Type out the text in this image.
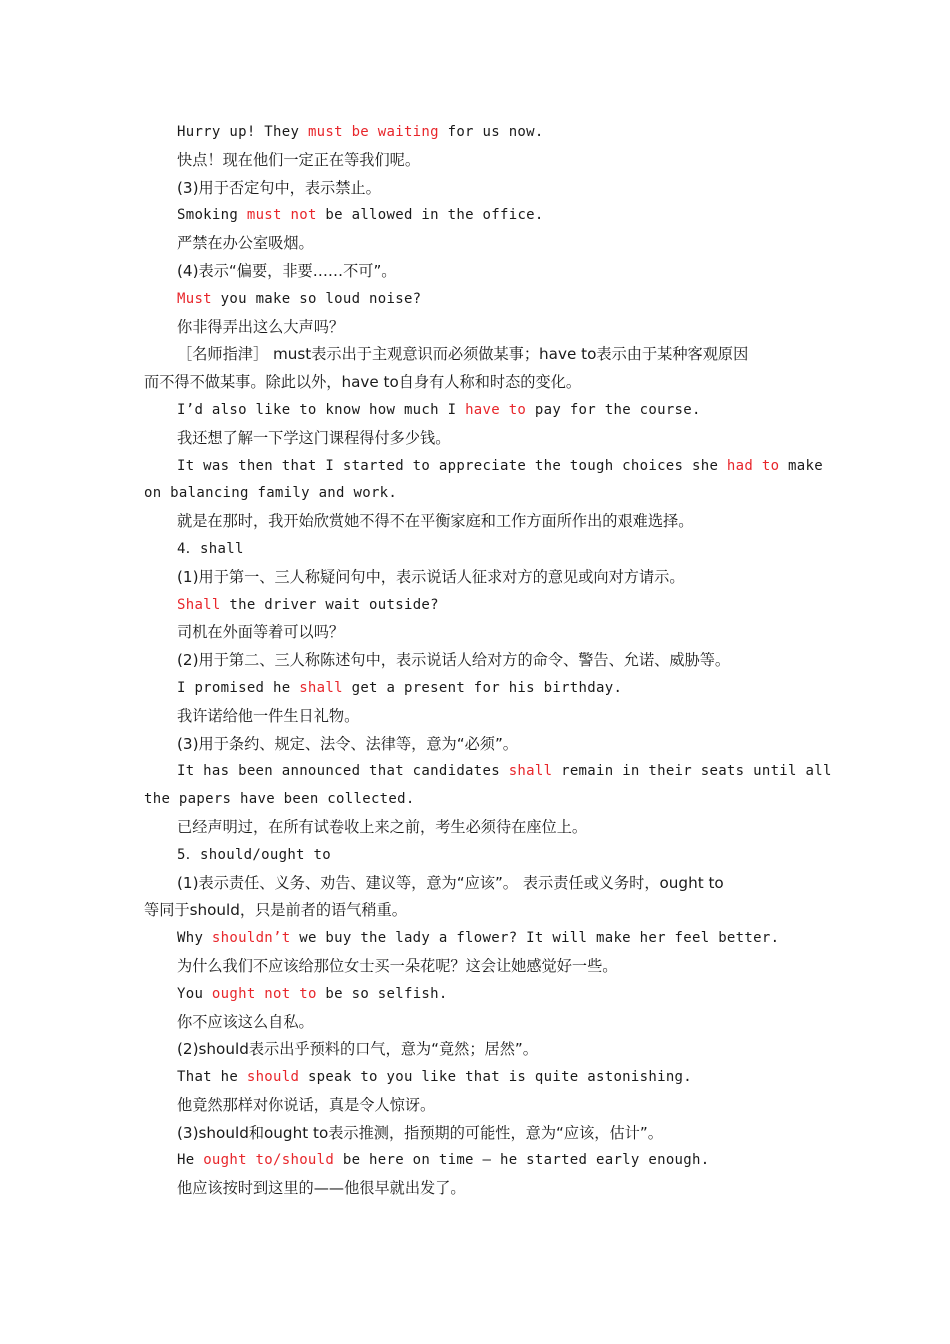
Hurry up! They must be waiting for us now.
快点！现在他们一定正在等我们呢。
(3)用于否定句中，表示禁止。
Smoking must not be allowed in the office.
严禁在办公室吸烟。
(4)表示“偏要，非要……不可”。
Must you make so loud noise?
你非得弄出这么大声吗？
［名师指津］ must表示出于主观意识而必须做某事；have to表示由于某种客观原因
而不得不做某事。除此以外，have to自身有人称和时态的变化。
I’d also like to know how much I have to pay for the course.
我还想了解一下学这门课程得付多少钱。
It was then that I started to appreciate the tough choices she had to make
on balancing family and work.
就是在那时，我开始欣赏她不得不在平衡家庭和工作方面所作出的艰难选择。
4．shall
(1)用于第一、三人称疑问句中，表示说话人征求对方的意见或向对方请示。
Shall the driver wait outside?
司机在外面等着可以吗？
(2)用于第二、三人称陈述句中，表示说话人给对方的命令、警告、允诺、威胁等。
I promised he shall get a present for his birthday.
我许诺给他一件生日礼物。
(3)用于条约、规定、法令、法律等，意为“必须”。
It has been announced that candidates shall remain in their seats until all
the papers have been collected.
已经声明过，在所有试卷收上来之前，考生必须待在座位上。
5．should/ought to
(1)表示责任、义务、劝告、建议等，意为“应该”。 表示责任或义务时，ought to
等同于should，只是前者的语气稍重。
Why shouldn’t we buy the lady a flower? It will make her feel better.
为什么我们不应该给那位女士买一朵花呢？这会让她感觉好一些。
You ought not to be so selfish.
你不应该这么自私。
(2)should表示出乎预料的口气，意为“竟然；居然”。
That he should speak to you like that is quite astonishing.
他竟然那样对你说话，真是令人惊讶。
(3)should和ought to表示推测，指预期的可能性，意为“应该，估计”。
He ought to/should be here on time — he started early enough.
他应该按时到这里的——他很早就出发了。
